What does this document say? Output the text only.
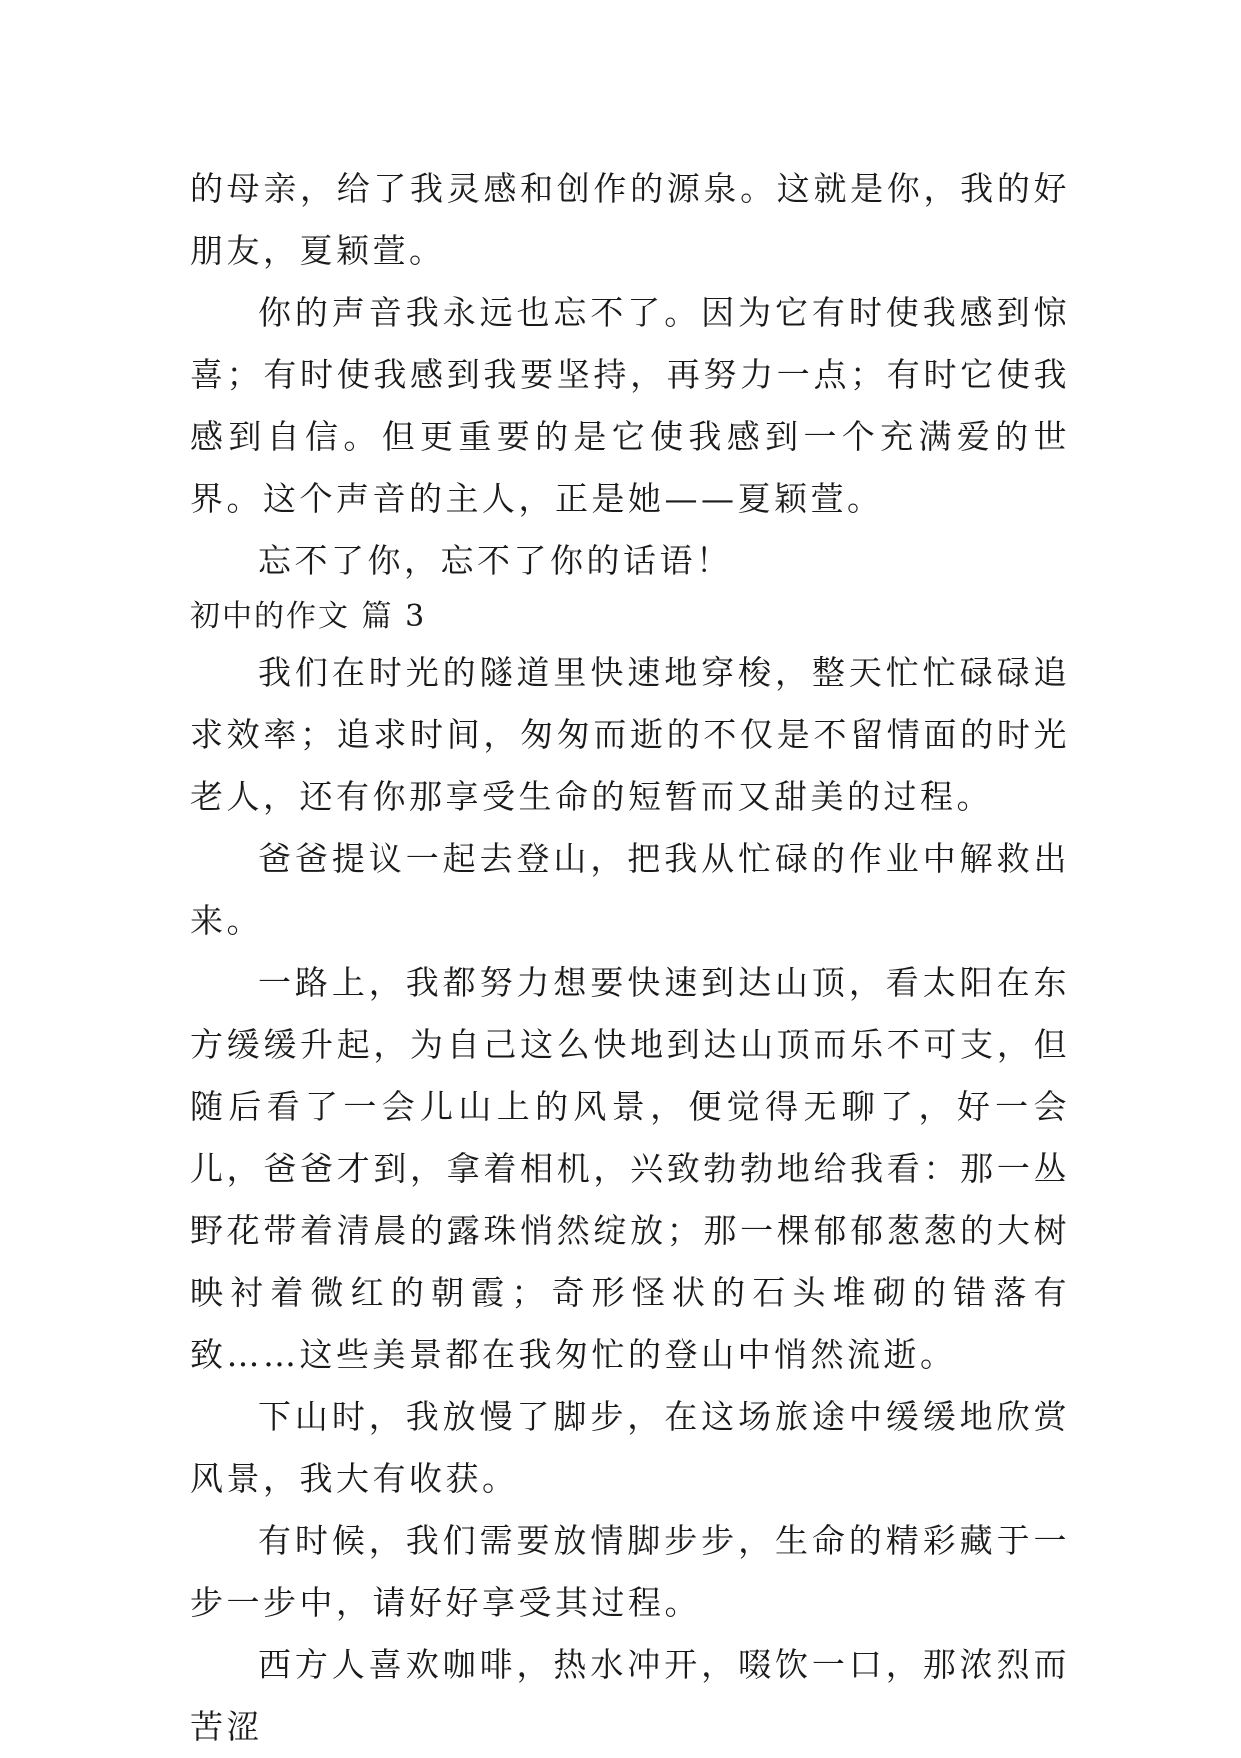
的母亲，给了我灵感和创作的源泉。这就是你，我的好朋友，夏颖萱。

你的声音我永远也忘不了。因为它有时使我感到惊喜；有时使我感到我要坚持，再努力一点；有时它使我感到自信。但更重要的是它使我感到一个充满爱的世界。这个声音的主人，正是她——夏颖萱。

忘不了你，忘不了你的话语！

初中的作文 篇 3

我们在时光的隧道里快速地穿梭，整天忙忙碌碌追求效率；追求时间，匆匆而逝的不仅是不留情面的时光老人，还有你那享受生命的短暂而又甜美的过程。

爸爸提议一起去登山，把我从忙碌的作业中解救出来。

一路上，我都努力想要快速到达山顶，看太阳在东方缓缓升起，为自己这么快地到达山顶而乐不可支，但随后看了一会儿山上的风景，便觉得无聊了，好一会儿，爸爸才到，拿着相机，兴致勃勃地给我看：那一丛野花带着清晨的露珠悄然绽放；那一棵郁郁葱葱的大树映衬着微红的朝霞；奇形怪状的石头堆砌的错落有致……这些美景都在我匆忙的登山中悄然流逝。

下山时，我放慢了脚步，在这场旅途中缓缓地欣赏风景，我大有收获。

有时候，我们需要放情脚步步，生命的精彩藏于一步一步中，请好好享受其过程。

西方人喜欢咖啡，热水冲开，啜饮一口，那浓烈而苦涩
